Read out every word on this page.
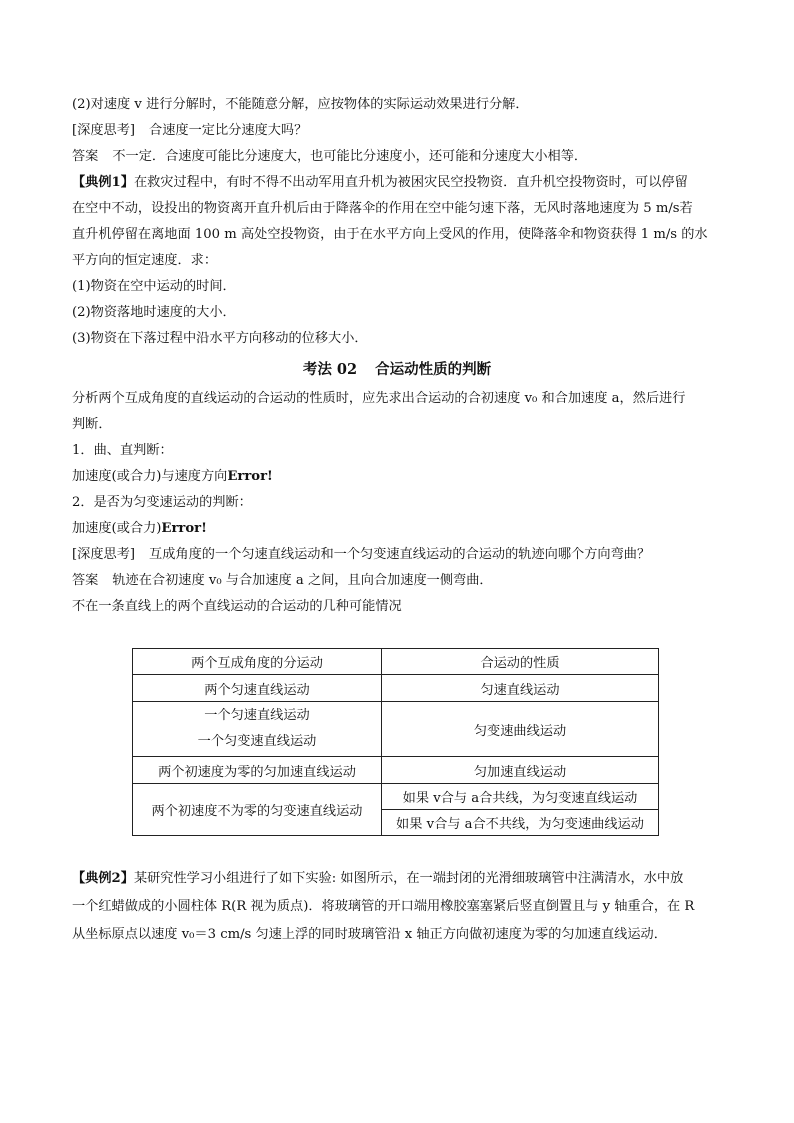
(2)对速度 v 进行分解时，不能随意分解，应按物体的实际运动效果进行分解．

[深度思考] 合速度一定比分速度大吗？

答案 不一定．合速度可能比分速度大，也可能比分速度小，还可能和分速度大小相等．

【典例1】在救灾过程中，有时不得不出动军用直升机为被困灾民空投物资．直升机空投物资时，可以停留

在空中不动，设投出的物资离开直升机后由于降落伞的作用在空中能匀速下落，无风时落地速度为 5 m/s若

直升机停留在离地面 100 m 高处空投物资，由于在水平方向上受风的作用，使降落伞和物资获得 1 m/s 的水

平方向的恒定速度．求：

(1)物资在空中运动的时间．

(2)物资落地时速度的大小．

(3)物资在下落过程中沿水平方向移动的位移大小．

考法 02 合运动性质的判断

分析两个互成角度的直线运动的合运动的性质时，应先求出合运动的合初速度 v₀ 和合加速度 a，然后进行

判断．

1．曲、直判断：

加速度(或合力)与速度方向Error!

2．是否为匀变速运动的判断：

加速度(或合力)Error!

[深度思考] 互成角度的一个匀速直线运动和一个匀变速直线运动的合运动的轨迹向哪个方向弯曲？

答案 轨迹在合初速度 v₀ 与合加速度 a 之间，且向合加速度一侧弯曲．

不在一条直线上的两个直线运动的合运动的几种可能情况

两个互成角度的分运动	合运动的性质
两个匀速直线运动	匀速直线运动

一个匀速直线运动
一个匀变速直线运动	匀变速曲线运动
两个初速度为零的匀加速直线运动	匀加速直线运动
两个初速度不为零的匀变速直线运动	如果 v合与 a合共线，为匀变速直线运动
	如果 v合与 a合不共线，为匀变速曲线运动

【典例2】某研究性学习小组进行了如下实验: 如图所示，在一端封闭的光滑细玻璃管中注满清水，水中放

一个红蜡做成的小圆柱体 R(R 视为质点)．将玻璃管的开口端用橡胶塞塞紧后竖直倒置且与 y 轴重合，在 R

从坐标原点以速度 v₀＝3 cm/s 匀速上浮的同时玻璃管沿 x 轴正方向做初速度为零的匀加速直线运动．
